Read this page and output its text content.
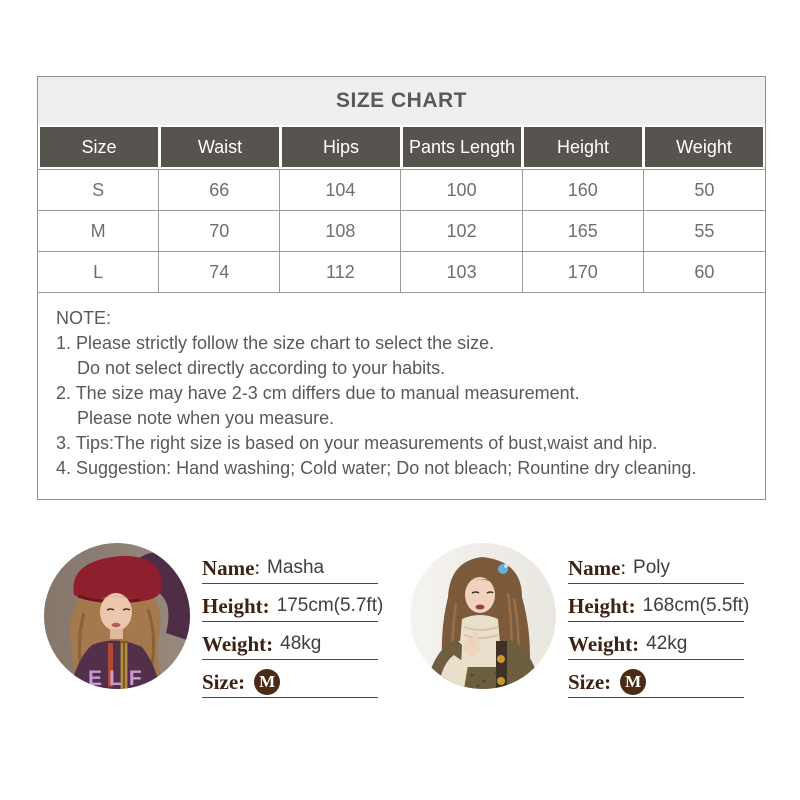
SIZE CHART
Size	Waist	Hips	Pants Length	Height	Weight
S	66	104	100	160	50
M	70	108	102	165	55
L	74	112	103	170	60
NOTE:
1. Please strictly follow the size chart to select the size.
Do not select directly according to your habits.
2. The size may have 2-3 cm differs due to manual measurement.
Please note when you measure.
3. Tips:The right size is based on your measurements of bust,waist and hip.
4. Suggestion: Hand washing; Cold water; Do not bleach; Rountine dry cleaning.
ELF
Name : Masha
Height: 175cm(5.7ft)
Weight: 48kg
Size: M
Name : Poly
Height: 168cm(5.5ft)
Weight: 42kg
Size: M
